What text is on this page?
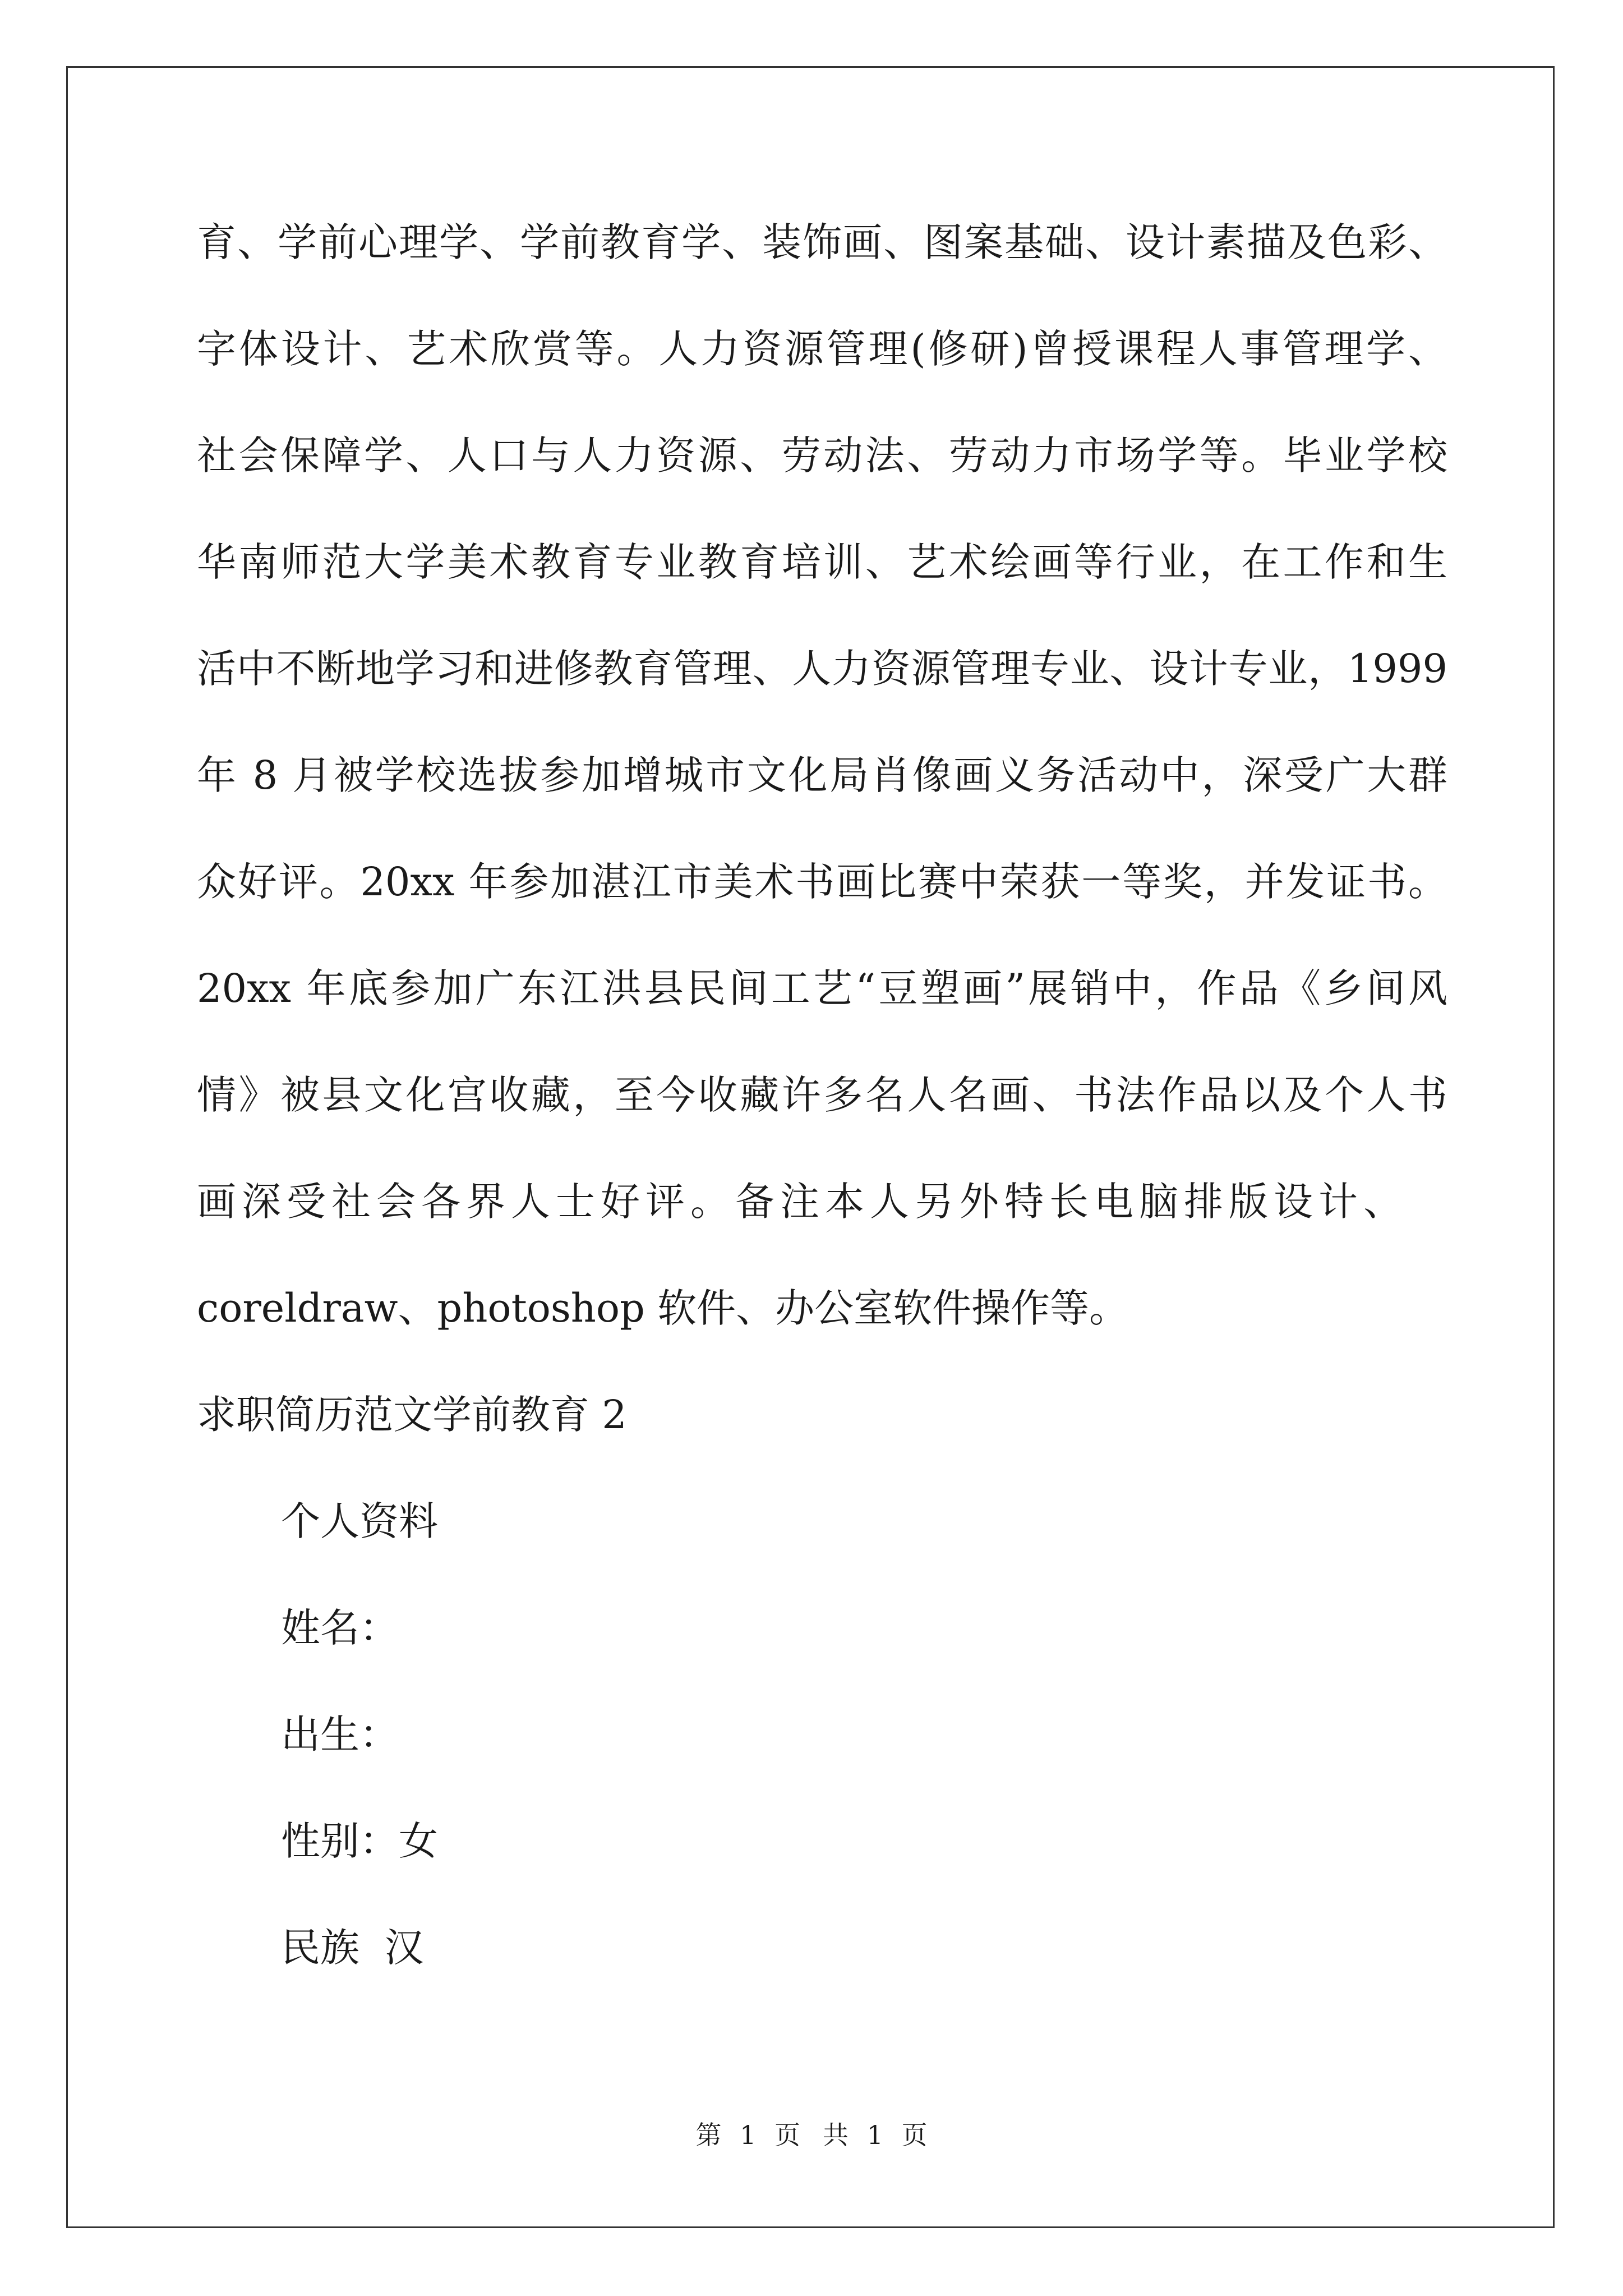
育、学前心理学、学前教育学、装饰画、图案基础、设计素描及色彩、
字体设计、艺术欣赏等。人力资源管理(修研)曾授课程人事管理学、
社会保障学、人口与人力资源、劳动法、劳动力市场学等。毕业学校
华南师范大学美术教育专业教育培训、艺术绘画等行业，在工作和生
活中不断地学习和进修教育管理、人力资源管理专业、设计专业，1999
年 8 月被学校选拔参加增城市文化局肖像画义务活动中，深受广大群
众好评。20xx 年参加湛江市美术书画比赛中荣获一等奖，并发证书。
20xx 年底参加广东江洪县民间工艺“豆塑画”展销中，作品《乡间风
情》被县文化宫收藏，至今收藏许多名人名画、书法作品以及个人书
画深受社会各界人士好评。备注本人另外特长电脑排版设计、
coreldraw、photoshop 软件、办公室软件操作等。
求职简历范文学前教育 2
个人资料
姓名：
出生：
性别：女
民族  汉
第 1 页 共 1 页
